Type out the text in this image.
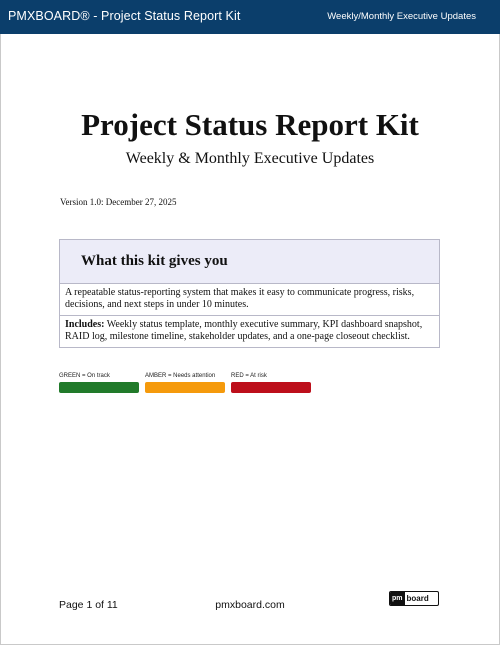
PMXBOARD® - Project Status Report Kit	Weekly/Monthly Executive Updates
Project Status Report Kit
Weekly & Monthly Executive Updates
Version 1.0: December 27, 2025
What this kit gives you
A repeatable status-reporting system that makes it easy to communicate progress, risks, decisions, and next steps in under 10 minutes.
Includes: Weekly status template, monthly executive summary, KPI dashboard snapshot, RAID log, milestone timeline, stakeholder updates, and a one-page closeout checklist.
GREEN = On track	AMBER = Needs attention	RED = At risk
Page 1 of 11	pmxboard.com
pm board
